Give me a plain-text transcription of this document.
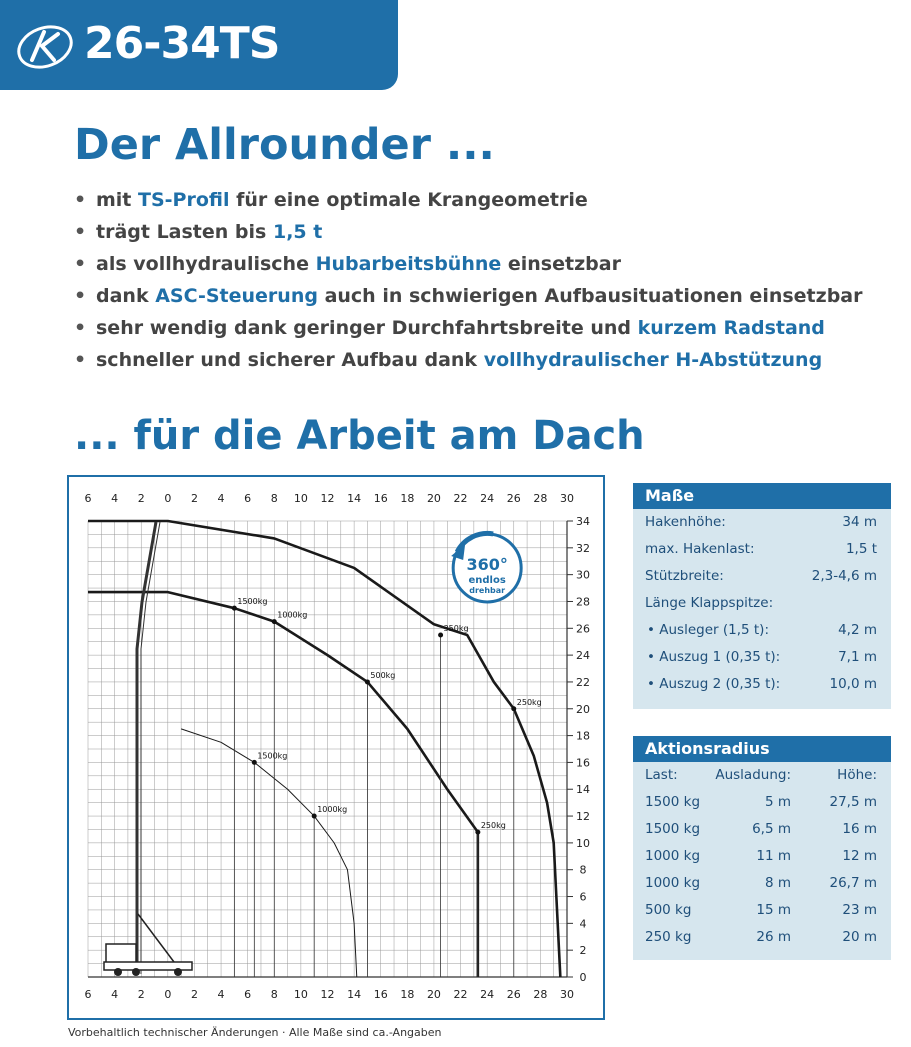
26-34TS
Der Allrounder ...
• mit TS-Profil für eine optimale Krangeometrie
• trägt Lasten bis 1,5 t
• als vollhydraulische Hubarbeitsbühne einsetzbar
• dank ASC-Steuerung auch in schwierigen Aufbausituationen einsetzbar
• sehr wendig dank geringer Durchfahrtsbreite und kurzem Radstand
• schneller und sicherer Aufbau dank vollhydraulischer H-Abstützung
... für die Arbeit am Dach
6
6
4
4
2
2
0
0
2
2
4
4
6
6
8
8
10
10
12
12
14
14
16
16
18
18
20
20
22
22
24
24
26
26
28
28
30
30
0
2
4
6
8
10
12
14
16
18
20
22
24
26
28
30
32
34
1500kg
1000kg
500kg
350kg
250kg
250kg
1500kg
1000kg
360°
endlos
drehbar
Vorbehaltlich technischer Änderungen · Alle Maße sind ca.-Angaben
Maße
Hakenhöhe:	34 m
max. Hakenlast:	1,5 t
Stützbreite:	2,3-4,6 m
Länge Klappspitze:
• Ausleger (1,5 t):	4,2 m
• Auszug 1 (0,35 t):	7,1 m
• Auszug 2 (0,35 t):	10,0 m
Aktionsradius
Last:	Ausladung:	Höhe:
1500 kg	5 m	27,5 m
1500 kg	6,5 m	16 m
1000 kg	11 m	12 m
1000 kg	8 m	26,7 m
500 kg	15 m	23 m
250 kg	26 m	20 m
